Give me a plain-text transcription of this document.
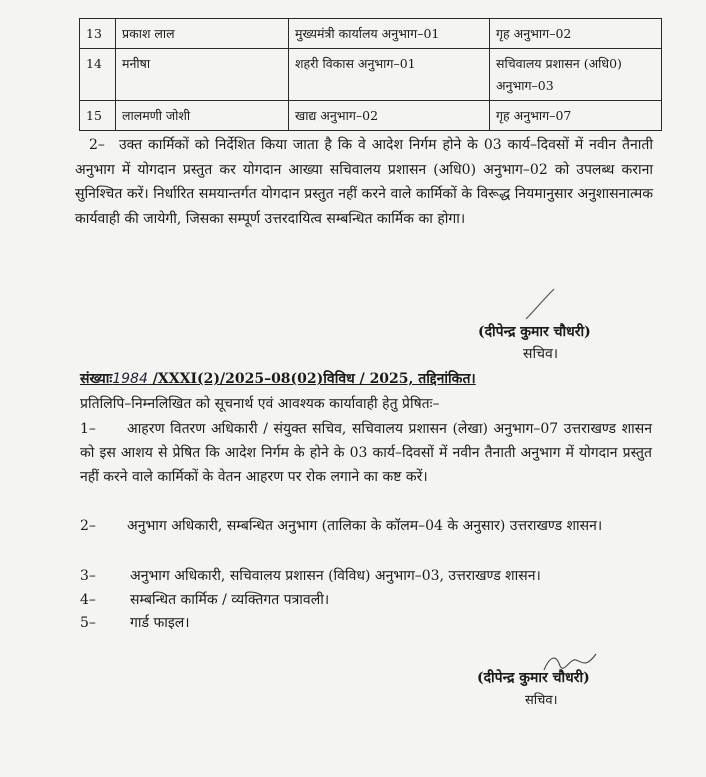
13	प्रकाश लाल	मुख्यमंत्री कार्यालय अनुभाग–01	गृह अनुभाग–02
14	मनीषा	शहरी विकास अनुभाग–01	सचिवालय प्रशासन (अधि0) अनुभाग–03
15	लालमणी जोशी	खाद्य अनुभाग–02	गृह अनुभाग–07
2– उक्त कार्मिकों को निर्देशित किया जाता है कि वे आदेश निर्गम होने के 03 कार्य–दिवसों में नवीन तैनाती अनुभाग में योगदान प्रस्तुत कर योगदान आख्या सचिवालय प्रशासन (अधि0) अनुभाग–02 को उपलब्ध कराना सुनिश्चित करें। निर्धारित समयान्तर्गत योगदान प्रस्तुत नहीं करने वाले कार्मिकों के विरूद्ध नियमानुसार अनुशासनात्मक कार्यवाही की जायेगी, जिसका सम्पूर्ण उत्तरदायित्व सम्बन्धित कार्मिक का होगा।
(दीपेन्द्र कुमार चौधरी)
सचिव।
संख्याः1984 /XXXI(2)/2025–08(02)विविध / 2025, तद्दिनांकित।
प्रतिलिपि–निम्नलिखित को सूचनार्थ एवं आवश्यक कार्यावाही हेतु प्रेषितः–
1– आहरण वितरण अधिकारी / संयुक्त सचिव, सचिवालय प्रशासन (लेखा) अनुभाग–07 उत्तराखण्ड शासन को इस आशय से प्रेषित कि आदेश निर्गम के होने के 03 कार्य–दिवसों में नवीन तैनाती अनुभाग में योगदान प्रस्तुत नहीं करने वाले कार्मिकों के वेतन आहरण पर रोक लगाने का कष्ट करें।
2– अनुभाग अधिकारी, सम्बन्धित अनुभाग (तालिका के कॉलम–04 के अनुसार) उत्तराखण्ड शासन।
3– अनुभाग अधिकारी, सचिवालय प्रशासन (विविध) अनुभाग–03, उत्तराखण्ड शासन।
4– सम्बन्धित कार्मिक / व्यक्तिगत पत्रावली।
5– गार्ड फाइल।
(दीपेन्द्र कुमार चौधरी)
सचिव।
